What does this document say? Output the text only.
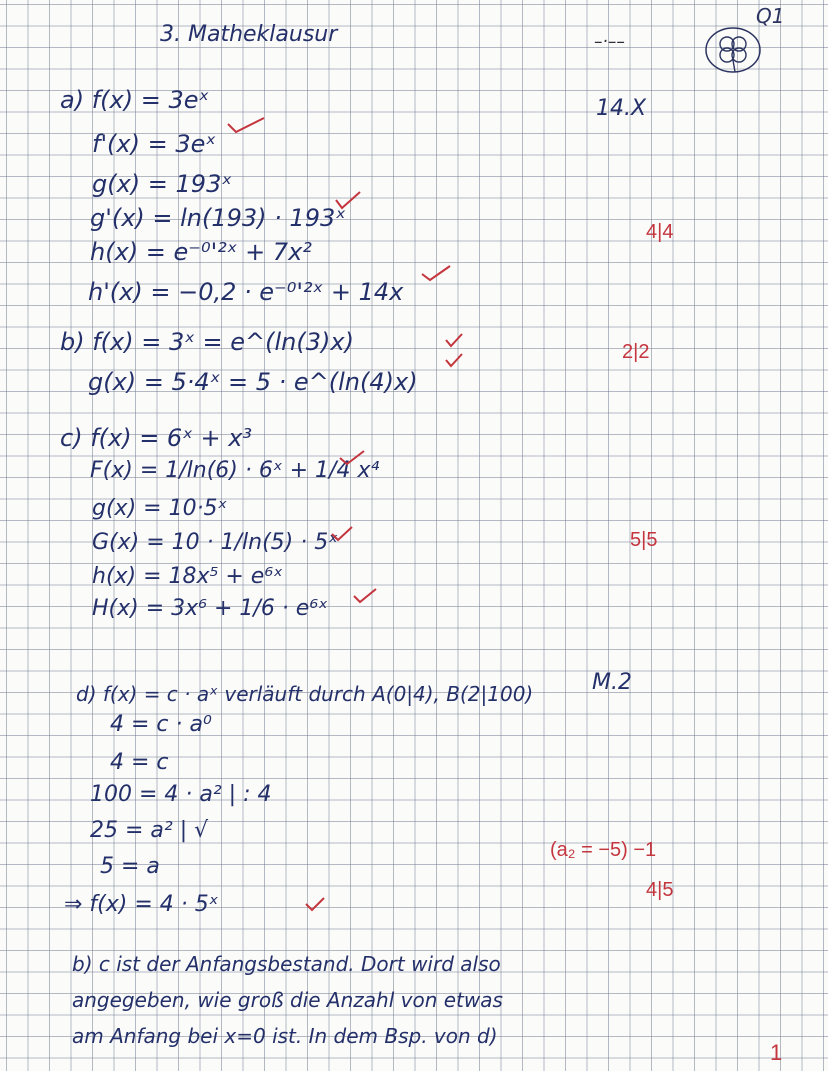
3. Matheklausur
Q1
–·––
14.X
a) f(x) = 3eˣ
f'(x) = 3eˣ
g(x) = 193ˣ
g'(x) = ln(193) · 193ˣ
h(x) = e⁻⁰'²ˣ + 7x²
h'(x) = −0,2 · e⁻⁰'²ˣ + 14x
b) f(x) = 3ˣ = e^(ln(3)x)
g(x) = 5·4ˣ = 5 · e^(ln(4)x)
c) f(x) = 6ˣ + x³
F(x) = 1/ln(6) · 6ˣ + 1/4 x⁴
g(x) = 10·5ˣ
G(x) = 10 · 1/ln(5) · 5ˣ
h(x) = 18x⁵ + e⁶ˣ
H(x) = 3x⁶ + 1/6 · e⁶ˣ
d) f(x) = c · aˣ verläuft durch A(0|4), B(2|100)
4 = c · a⁰
4 = c
100 = 4 · a² | : 4
25 = a² | √
5 = a
⇒ f(x) = 4 · 5ˣ
b) c ist der Anfangsbestand. Dort wird also
angegeben, wie groß die Anzahl von etwas
am Anfang bei x=0 ist. In dem Bsp. von d)
4|4
2|2
5|5
M.2
(a₂ = −5) −1
4|5
1
